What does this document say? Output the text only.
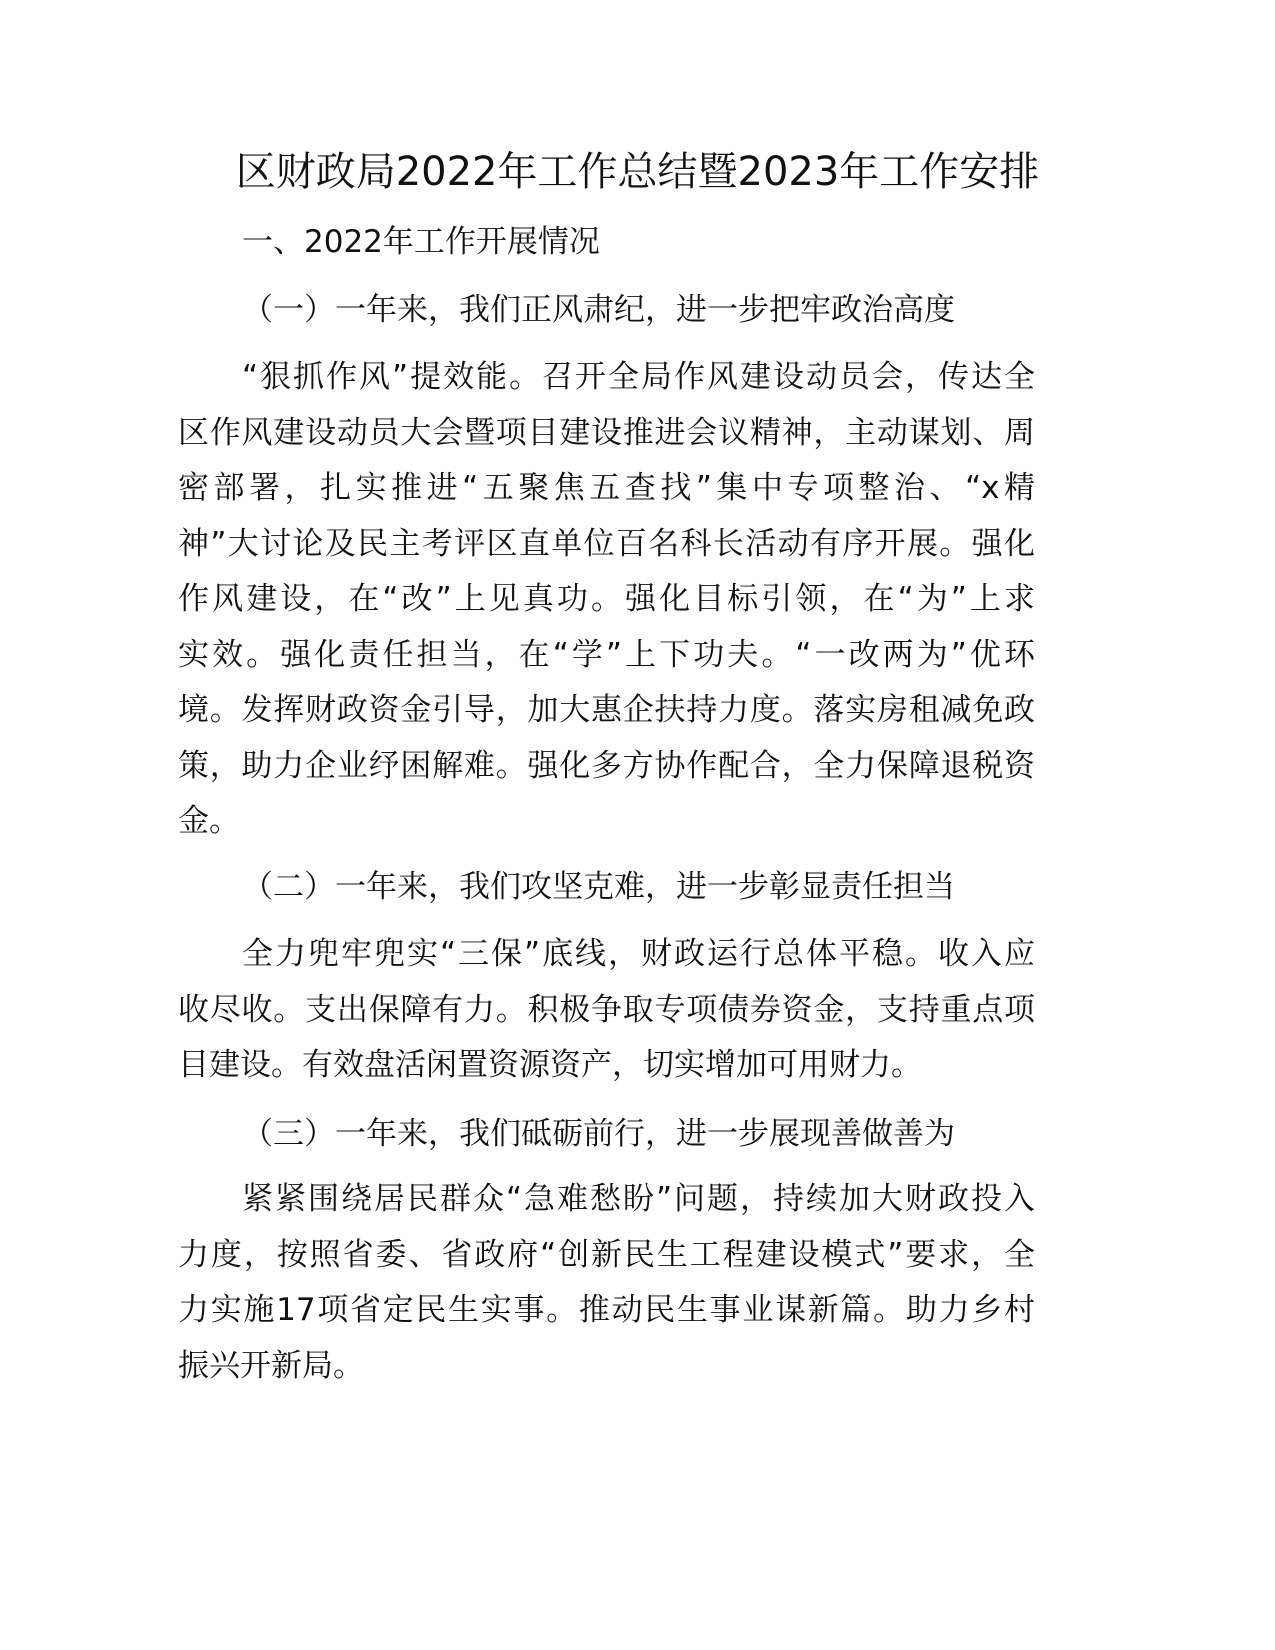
区财政局2022年工作总结暨2023年工作安排
一、2022年工作开展情况
（一）一年来，我们正风肃纪，进一步把牢政治高度
“狠抓作风”提效能。召开全局作风建设动员会，传达全
区作风建设动员大会暨项目建设推进会议精神，主动谋划、周
密部署，扎实推进“五聚焦五查找”集中专项整治、“x精
神”大讨论及民主考评区直单位百名科长活动有序开展。强化
作风建设，在“改”上见真功。强化目标引领，在“为”上求
实效。强化责任担当，在“学”上下功夫。“一改两为”优环
境。发挥财政资金引导，加大惠企扶持力度。落实房租减免政
策，助力企业纾困解难。强化多方协作配合，全力保障退税资
金。
（二）一年来，我们攻坚克难，进一步彰显责任担当
全力兜牢兜实“三保”底线，财政运行总体平稳。收入应
收尽收。支出保障有力。积极争取专项债券资金，支持重点项
目建设。有效盘活闲置资源资产，切实增加可用财力。
（三）一年来，我们砥砺前行，进一步展现善做善为
紧紧围绕居民群众“急难愁盼”问题，持续加大财政投入
力度，按照省委、省政府“创新民生工程建设模式”要求，全
力实施17项省定民生实事。推动民生事业谋新篇。助力乡村
振兴开新局。
